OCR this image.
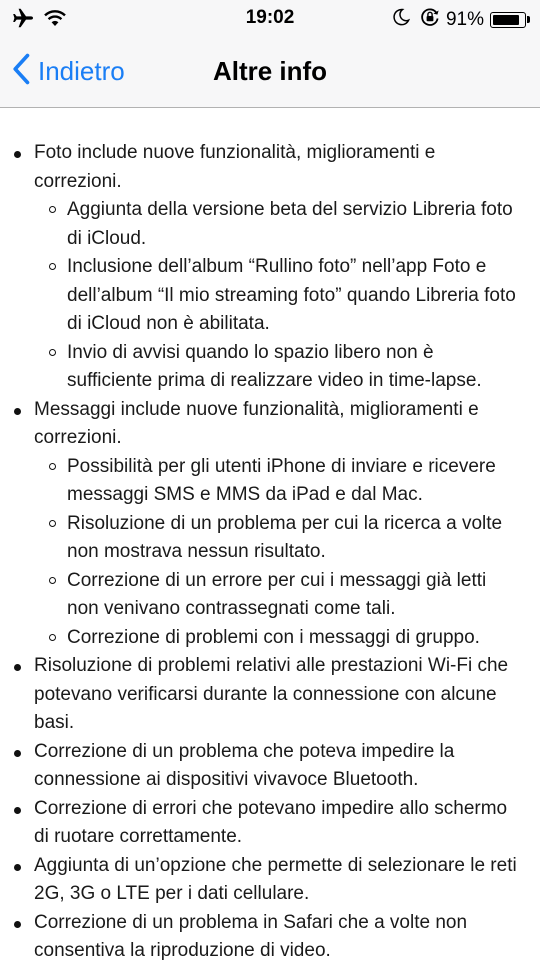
19:02	91%
Indietro	Altre info
Foto include nuove funzionalità, miglioramenti e correzioni.
Aggiunta della versione beta del servizio Libreria foto di iCloud.
Inclusione dell’album “Rullino foto” nell’app Foto e dell’album “Il mio streaming foto” quando Libreria foto di iCloud non è abilitata.
Invio di avvisi quando lo spazio libero non è sufficiente prima di realizzare video in time-lapse.
Messaggi include nuove funzionalità, miglioramenti e correzioni.
Possibilità per gli utenti iPhone di inviare e ricevere messaggi SMS e MMS da iPad e dal Mac.
Risoluzione di un problema per cui la ricerca a volte non mostrava nessun risultato.
Correzione di un errore per cui i messaggi già letti non venivano contrassegnati come tali.
Correzione di problemi con i messaggi di gruppo.
Risoluzione di problemi relativi alle prestazioni Wi-Fi che potevano verificarsi durante la connessione con alcune basi.
Correzione di un problema che poteva impedire la connessione ai dispositivi vivavoce Bluetooth.
Correzione di errori che potevano impedire allo schermo di ruotare correttamente.
Aggiunta di un’opzione che permette di selezionare le reti 2G, 3G o LTE per i dati cellulare.
Correzione di un problema in Safari che a volte non consentiva la riproduzione di video.
